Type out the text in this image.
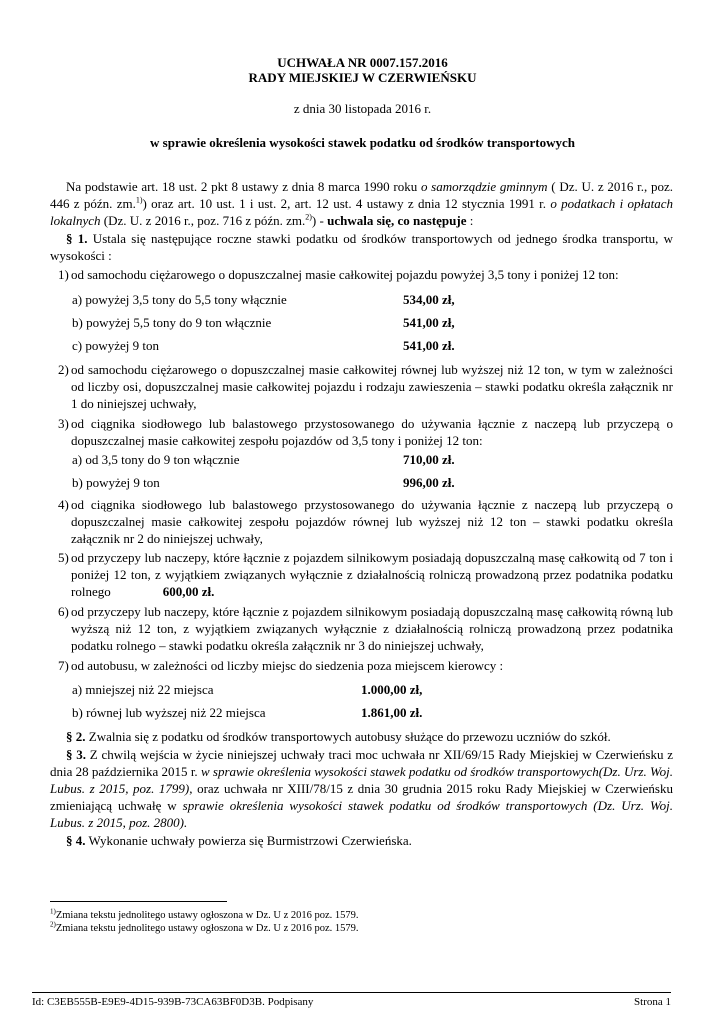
UCHWAŁA NR 0007.157.2016
RADY MIEJSKIEJ W CZERWIEŃSKU
z dnia 30 listopada 2016 r.
w sprawie określenia wysokości stawek podatku od środków transportowych
Na podstawie art. 18 ust. 2 pkt 8 ustawy z dnia 8 marca 1990 roku o samorządzie gminnym ( Dz. U. z 2016 r., poz. 446 z późn. zm.$^{1)}$) oraz art. 10 ust. 1 i ust. 2, art. 12 ust. 4 ustawy z dnia 12 stycznia 1991 r. o podatkach i opłatach lokalnych (Dz. U. z 2016 r., poz. 716 z późn. zm.$^{2)}$) - uchwala się, co następuje :
§ 1. Ustala się następujące roczne stawki podatku od środków transportowych od jednego środka transportu, w wysokości :
1) od samochodu ciężarowego o dopuszczalnej masie całkowitej pojazdu powyżej 3,5 tony i poniżej 12 ton:
a) powyżej 3,5 tony do 5,5 tony włącznie	534,00 zł,
b) powyżej 5,5 tony do 9 ton włącznie	541,00 zł,
c) powyżej 9 ton	541,00 zł.
2) od samochodu ciężarowego o dopuszczalnej masie całkowitej równej lub wyższej niż 12 ton, w tym w zależności od liczby osi, dopuszczalnej masie całkowitej pojazdu i rodzaju zawieszenia – stawki podatku określa załącznik nr 1 do niniejszej uchwały,
3) od ciągnika siodłowego lub balastowego przystosowanego do używania łącznie z naczepą lub przyczepą o dopuszczalnej masie całkowitej zespołu pojazdów od 3,5 tony i poniżej 12 ton:
a) od 3,5 tony do 9 ton włącznie	710,00 zł.
b) powyżej 9 ton	996,00 zł.
4) od ciągnika siodłowego lub balastowego przystosowanego do używania łącznie z naczepą lub przyczepą o dopuszczalnej masie całkowitej zespołu pojazdów równej lub wyższej niż 12 ton – stawki podatku określa załącznik nr 2 do niniejszej uchwały,
5) od przyczepy lub naczepy, które łącznie z pojazdem silnikowym posiadają dopuszczalną masę całkowitą od 7 ton i poniżej 12 ton, z wyjątkiem związanych wyłącznie z działalnością rolniczą prowadzoną przez podatnika podatku rolnego	600,00 zł.
6) od przyczepy lub naczepy, które łącznie z pojazdem silnikowym posiadają dopuszczalną masę całkowitą równą lub wyższą niż 12 ton, z wyjątkiem związanych wyłącznie z działalnością rolniczą prowadzoną przez podatnika podatku rolnego – stawki podatku określa załącznik nr 3 do niniejszej uchwały,
7) od autobusu, w zależności od liczby miejsc do siedzenia poza miejscem kierowcy :
a) mniejszej niż 22 miejsca	1.000,00 zł,
b) równej lub wyższej niż 22 miejsca	1.861,00 zł.
§ 2. Zwalnia się z podatku od środków transportowych autobusy służące do przewozu uczniów do szkół.
§ 3. Z chwilą wejścia w życie niniejszej uchwały traci moc uchwała nr XII/69/15 Rady Miejskiej w Czerwieńsku z dnia 28 października 2015 r. w sprawie określenia wysokości stawek podatku od środków transportowych(Dz. Urz. Woj. Lubus. z 2015, poz. 1799), oraz uchwała nr XIII/78/15 z dnia 30 grudnia 2015 roku Rady Miejskiej w Czerwieńsku zmieniającą uchwałę w sprawie określenia wysokości stawek podatku od środków transportowych (Dz. Urz. Woj. Lubus. z 2015, poz. 2800).
§ 4. Wykonanie uchwały powierza się Burmistrzowi Czerwieńska.
$^{1)}$Zmiana tekstu jednolitego ustawy ogłoszona w Dz. U z 2016 poz. 1579.
$^{2)}$Zmiana tekstu jednolitego ustawy ogłoszona w Dz. U z 2016 poz. 1579.
Id: C3EB555B-E9E9-4D15-939B-73CA63BF0D3B. Podpisany	Strona 1
